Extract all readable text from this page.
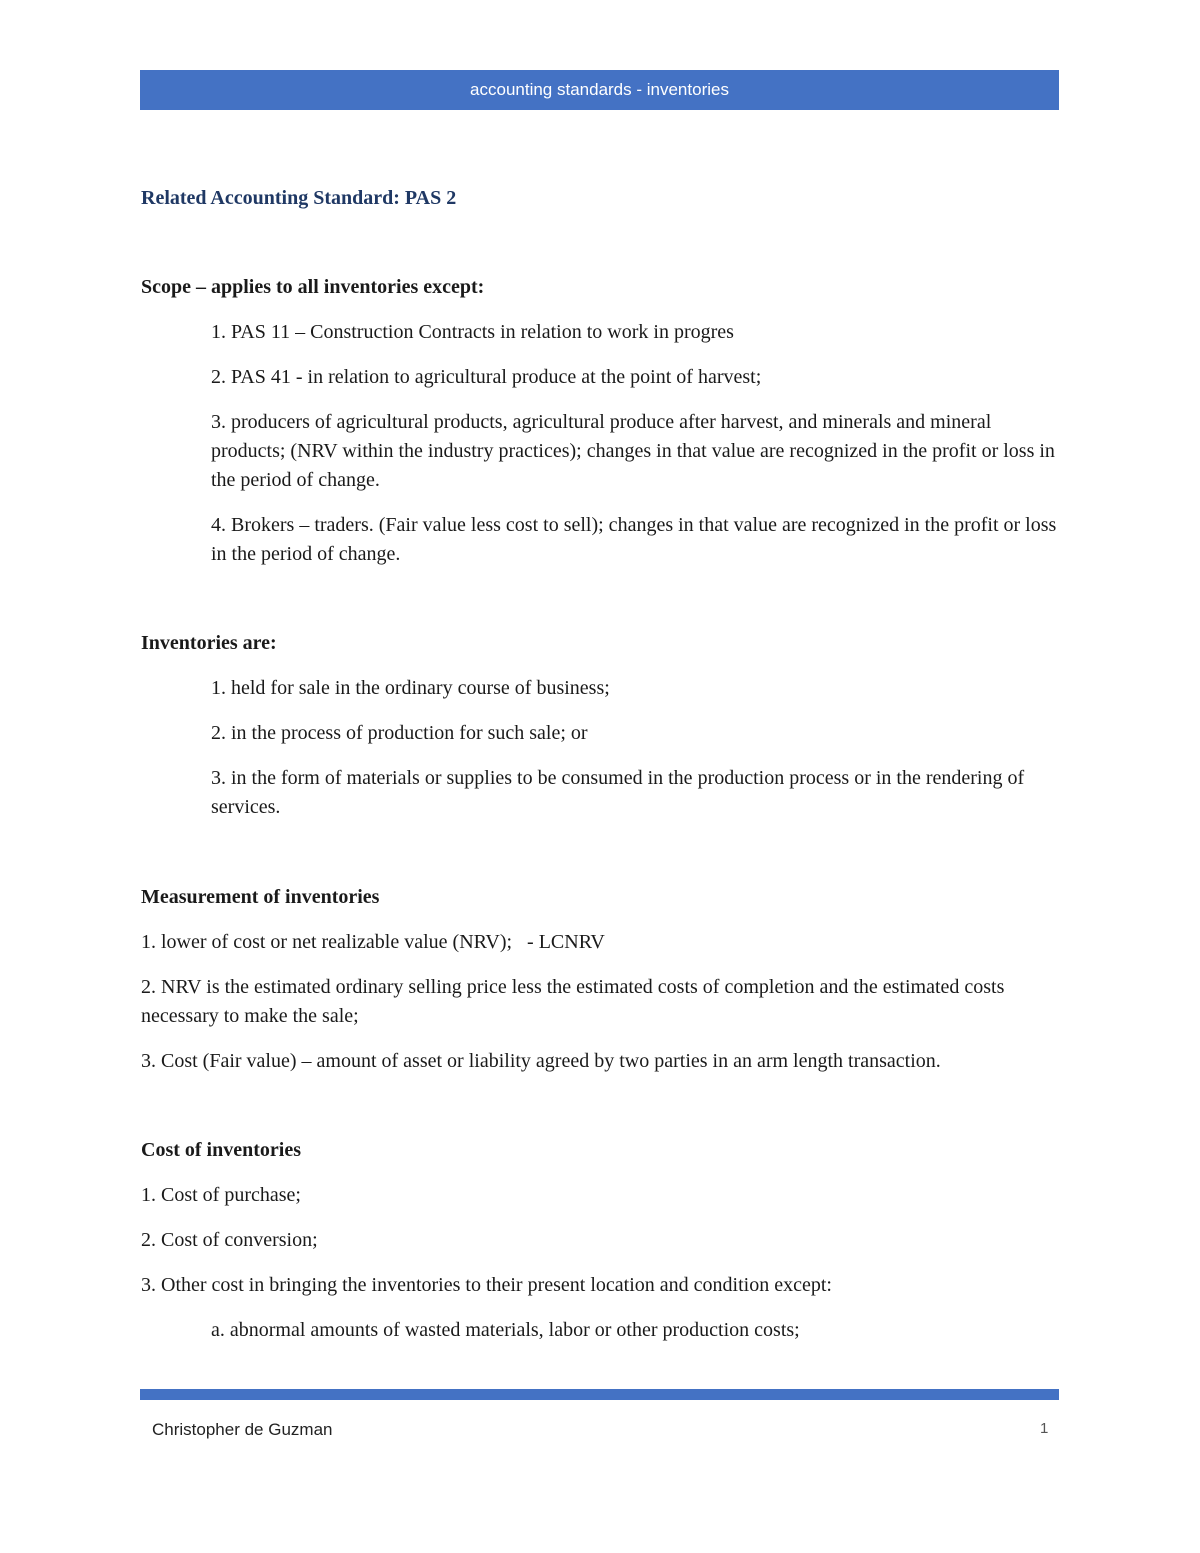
accounting standards - inventories

Related Accounting Standard: PAS 2

Scope – applies to all inventories except:

1. PAS 11 – Construction Contracts in relation to work in progres

2. PAS 41 - in relation to agricultural produce at the point of harvest;

3. producers of agricultural products, agricultural produce after harvest, and minerals and mineral products; (NRV within the industry practices); changes in that value are recognized in the profit or loss in the period of change.

4. Brokers – traders. (Fair value less cost to sell); changes in that value are recognized in the profit or loss in the period of change.

Inventories are:

1. held for sale in the ordinary course of business;

2. in the process of production for such sale; or

3. in the form of materials or supplies to be consumed in the production process or in the rendering of services.

Measurement of inventories

1. lower of cost or net realizable value (NRV);   - LCNRV

2. NRV is the estimated ordinary selling price less the estimated costs of completion and the estimated costs necessary to make the sale;

3. Cost (Fair value) – amount of asset or liability agreed by two parties in an arm length transaction.

Cost of inventories

1. Cost of purchase;

2. Cost of conversion;

3. Other cost in bringing the inventories to their present location and condition except:

a. abnormal amounts of wasted materials, labor or other production costs;

Christopher de Guzman	1
